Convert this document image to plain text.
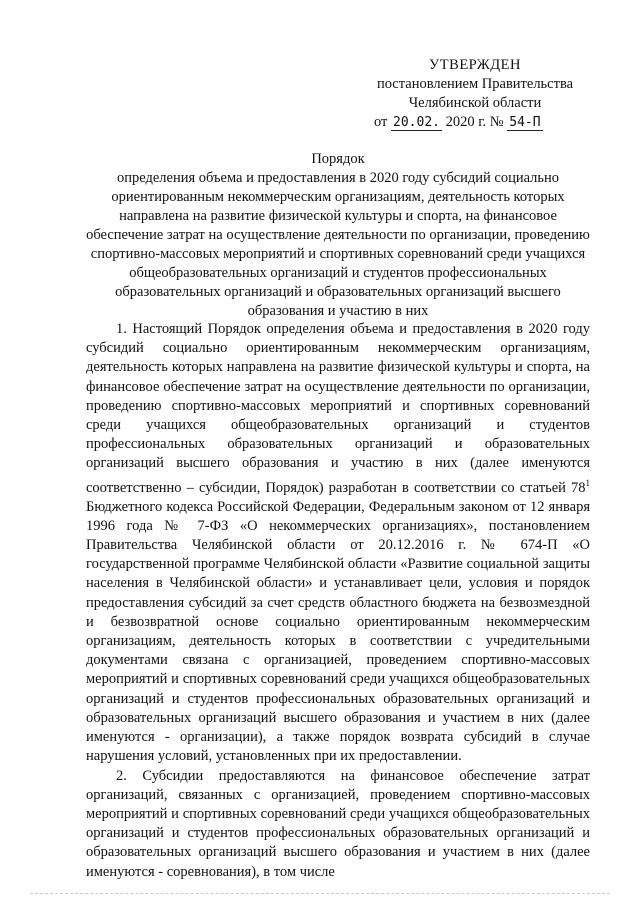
УТВЕРЖДЕН
постановлением Правительства
Челябинской области
от 20.02. 2020 г. № 54-П
Порядок
определения объема и предоставления в 2020 году субсидий социально ориентированным некоммерческим организациям, деятельность которых направлена на развитие физической культуры и спорта, на финансовое обеспечение затрат на осуществление деятельности по организации, проведению спортивно-массовых мероприятий и спортивных соревнований среди учащихся общеобразовательных организаций и студентов профессиональных образовательных организаций и образовательных организаций высшего образования и участию в них

1. Настоящий Порядок определения объема и предоставления в 2020 году субсидий социально ориентированным некоммерческим организациям, деятельность которых направлена на развитие физической культуры и спорта, на финансовое обеспечение затрат на осуществление деятельности по организации, проведению спортивно-массовых мероприятий и спортивных соревнований среди учащихся общеобразовательных организаций и студентов профессиональных образовательных организаций и образовательных организаций высшего образования и участию в них (далее именуются соответственно – субсидии, Порядок) разработан в соответствии со статьей $78^1$ Бюджетного кодекса Российской Федерации, Федеральным законом от 12 января 1996 года № 7-ФЗ «О некоммерческих организациях», постановлением Правительства Челябинской области от 20.12.2016 г. № 674-П «О государственной программе Челябинской области «Развитие социальной защиты населения в Челябинской области» и устанавливает цели, условия и порядок предоставления субсидий за счет средств областного бюджета на безвозмездной и безвозвратной основе социально ориентированным некоммерческим организациям, деятельность которых в соответствии с учредительными документами связана с организацией, проведением спортивно-массовых мероприятий и спортивных соревнований среди учащихся общеобразовательных организаций и студентов профессиональных образовательных организаций и образовательных организаций высшего образования и участием в них (далее именуются - организации), а также порядок возврата субсидий в случае нарушения условий, установленных при их предоставлении.

2. Субсидии предоставляются на финансовое обеспечение затрат организаций, связанных с организацией, проведением спортивно-массовых мероприятий и спортивных соревнований среди учащихся общеобразовательных организаций и студентов профессиональных образовательных организаций и образовательных организаций высшего образования и участием в них (далее именуются - соревнования), в том числе
